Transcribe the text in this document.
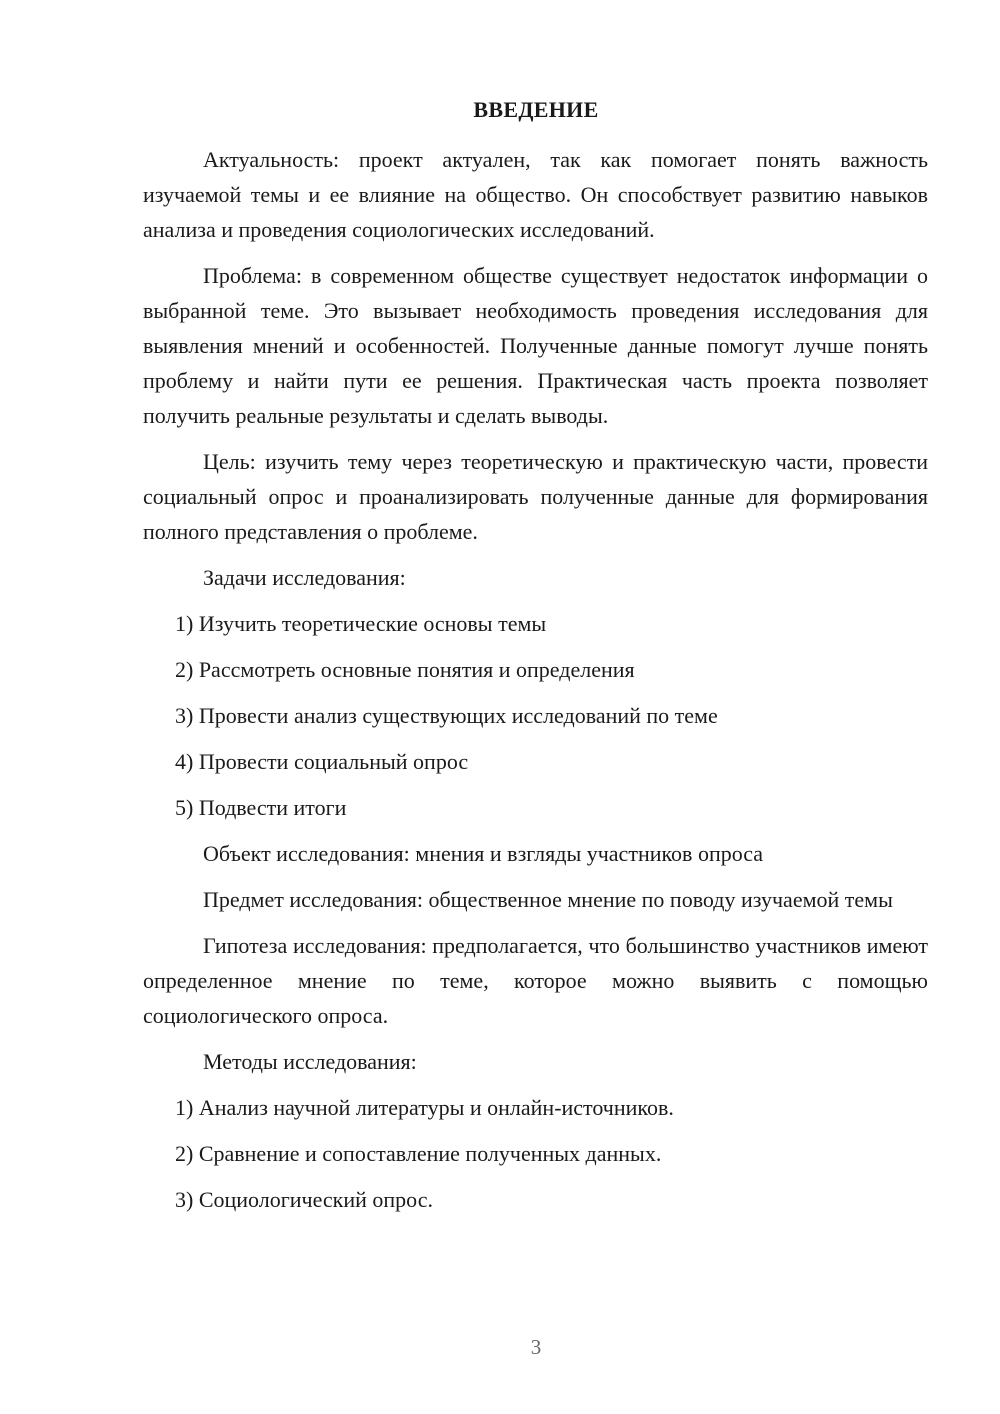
ВВЕДЕНИЕ

Актуальность: проект актуален, так как помогает понять важность изучаемой темы и ее влияние на общество. Он способствует развитию навыков анализа и проведения социологических исследований.

Проблема: в современном обществе существует недостаток информации о выбранной теме. Это вызывает необходимость проведения исследования для выявления мнений и особенностей. Полученные данные помогут лучше понять проблему и найти пути ее решения. Практическая часть проекта позволяет получить реальные результаты и сделать выводы.

Цель: изучить тему через теоретическую и практическую части, провести социальный опрос и проанализировать полученные данные для формирования полного представления о проблеме.

Задачи исследования:

1) Изучить теоретические основы темы

2) Рассмотреть основные понятия и определения

3) Провести анализ существующих исследований по теме

4) Провести социальный опрос

5) Подвести итоги

Объект исследования: мнения и взгляды участников опроса

Предмет исследования: общественное мнение по поводу изучаемой темы

Гипотеза исследования: предполагается, что большинство участников имеют определенное мнение по теме, которое можно выявить с помощью социологического опроса.

Методы исследования:

1) Анализ научной литературы и онлайн-источников.

2) Сравнение и сопоставление полученных данных.

3) Социологический опрос.

3
